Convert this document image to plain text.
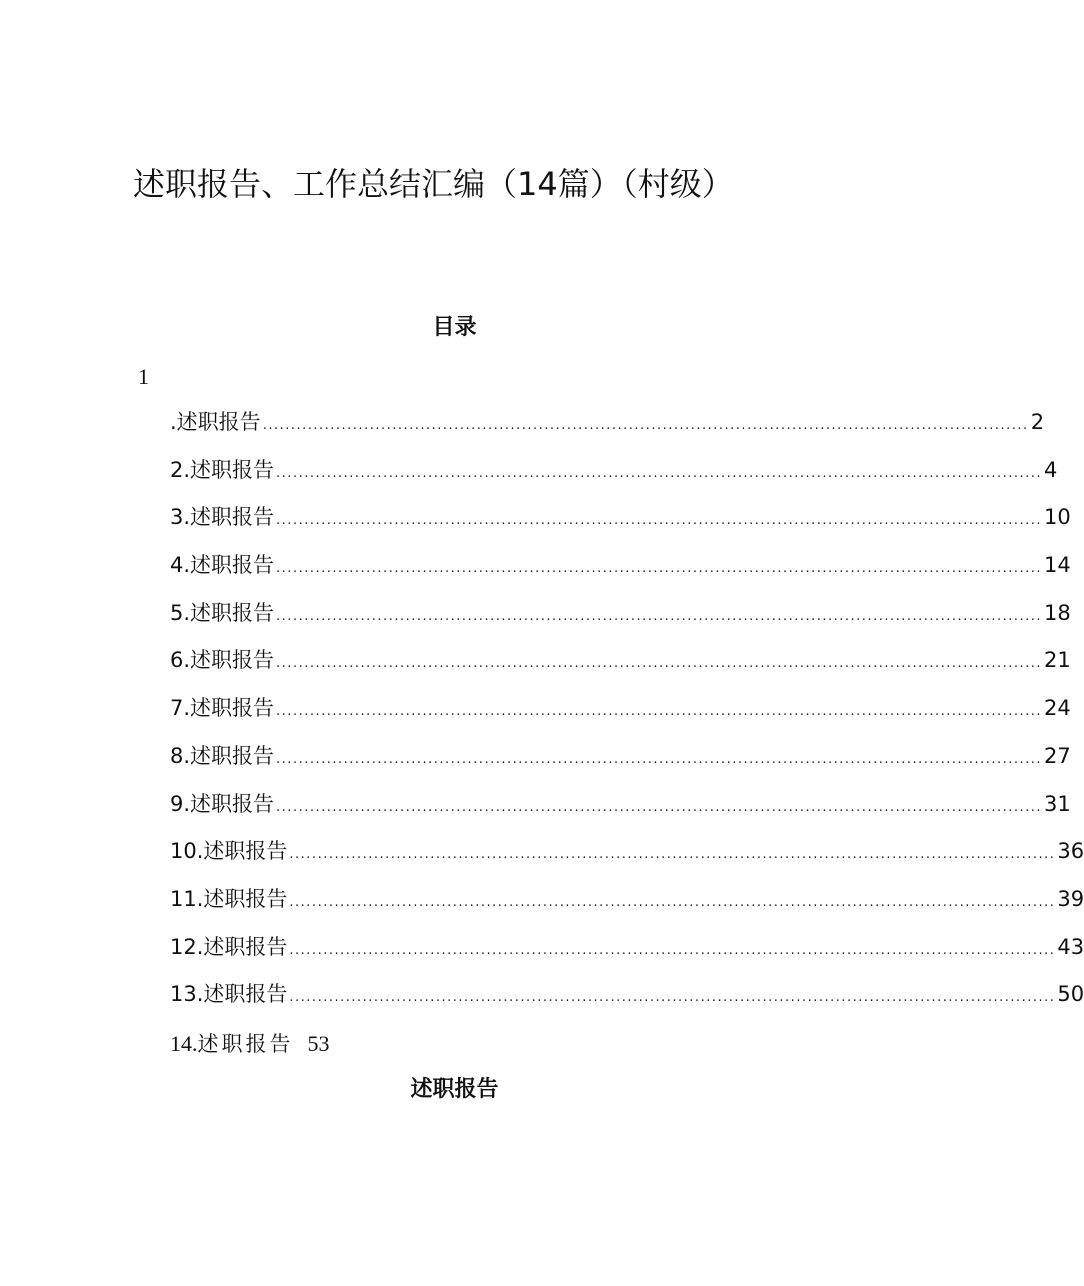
述职报告、工作总结汇编（14篇）（村级）
目录
1
.述职报告 ........................................................................................................................................ 2
2.述职报告 ........................................................................................................................................ 4
3.述职报告 ........................................................................................................................................ 10
4.述职报告 ........................................................................................................................................ 14
5.述职报告 ........................................................................................................................................ 18
6.述职报告 ........................................................................................................................................ 21
7.述职报告 ........................................................................................................................................ 24
8.述职报告 ........................................................................................................................................ 27
9.述职报告 ........................................................................................................................................ 31
10.述职报告 ........................................................................................................................................ 36
11.述职报告 ........................................................................................................................................ 39
12.述职报告 ........................................................................................................................................ 43
13.述职报告 ........................................................................................................................................ 50
14.述职报告 53
述职报告
